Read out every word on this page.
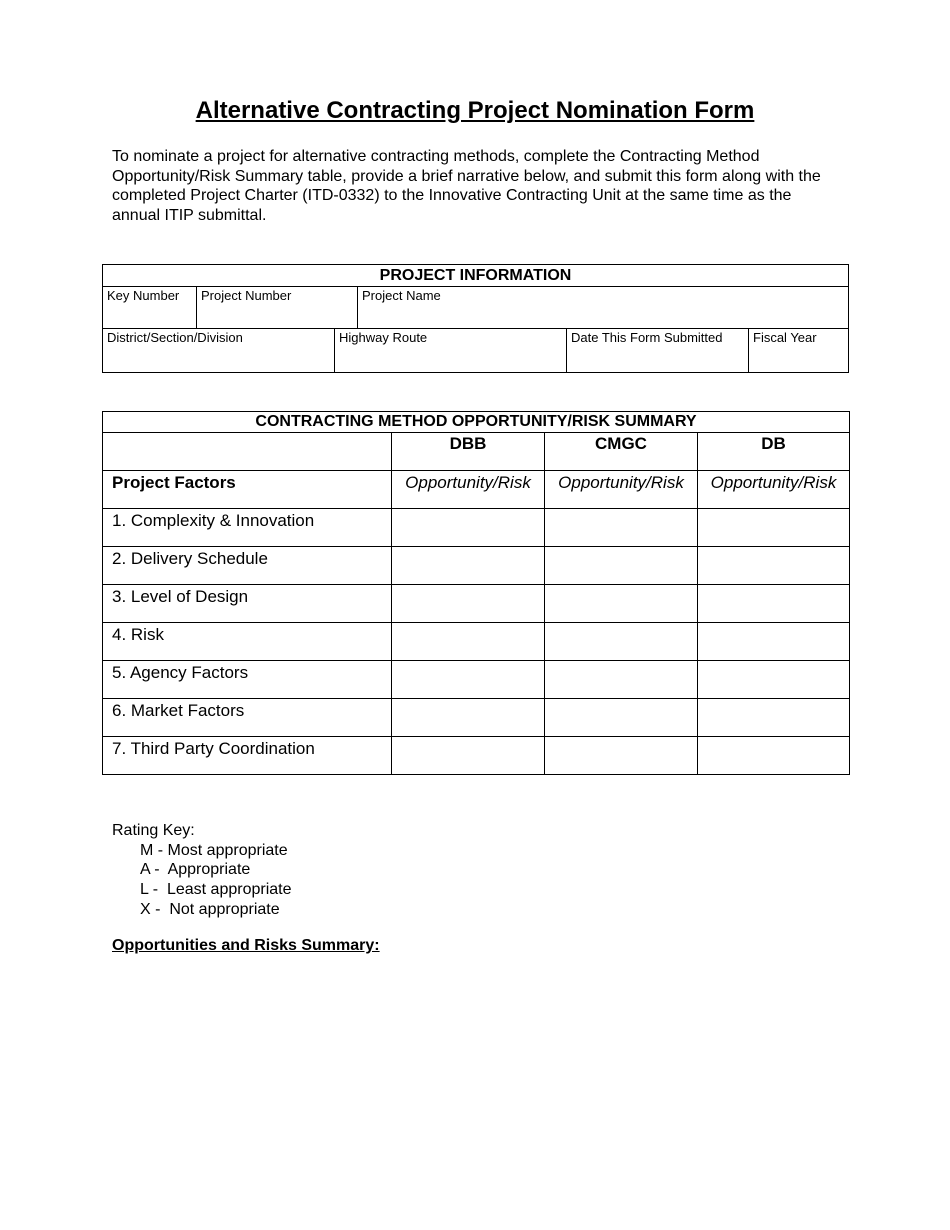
Alternative Contracting Project Nomination Form

To nominate a project for alternative contracting methods, complete the Contracting Method Opportunity/Risk Summary table, provide a brief narrative below, and submit this form along with the completed Project Charter (ITD-0332) to the Innovative Contracting Unit at the same time as the annual ITIP submittal.

PROJECT INFORMATION
Key Number	Project Number	Project Name
District/Section/Division	Highway Route	Date This Form Submitted	Fiscal Year
CONTRACTING METHOD OPPORTUNITY/RISK SUMMARY			
	DBB	CMGC	DB
Project Factors	Opportunity/Risk	Opportunity/Risk	Opportunity/Risk
1. Complexity & Innovation			
2. Delivery Schedule			
3. Level of Design			
4. Risk			
5. Agency Factors			
6. Market Factors			
7. Third Party Coordination			
Rating Key:
M - Most appropriate
A -  Appropriate
L -  Least appropriate
X -  Not appropriate
Opportunities and Risks Summary:
